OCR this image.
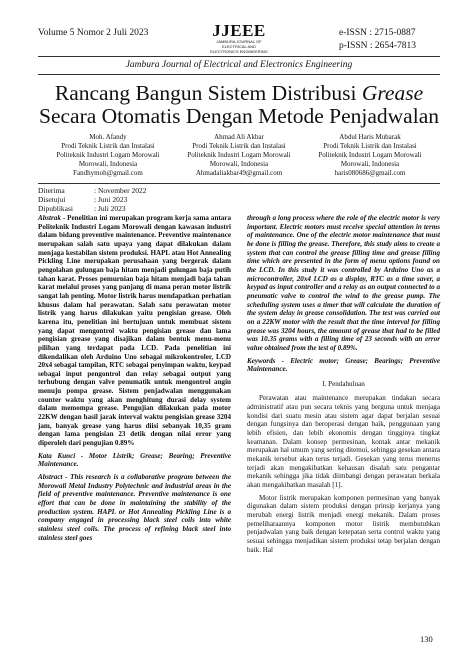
Volume 5 Nomor 2 Juli 2023	JJEEE
JAMBURA JOURNAL OF ELECTRICAL AND ELECTRONICS ENGINEERING
e-ISSN : 2715-0887
p-ISSN : 2654-7813
Jambura Journal of Electrical and Electronics Engineering
Rancang Bangun Sistem Distribusi Grease Secara Otomatis Dengan Metode Penjadwalan
Moh. Afandy
Prodi Teknik Listrik dan Instalasi
Politeknik Industri Logam Morowali
Morowali, Indonesia
Fandhymoh@gmail.com
Ahmad Ali Akbar
Prodi Teknik Listrik dan Instalasi
Politeknik Industri Logam Morowali
Morowali, Indonesia
Ahmadaliakbar49@gmail.com
Abdul Haris Mubarak
Prodi Teknik Listrik dan Instalasi
Politeknik Industri Logam Morowali
Morowali, Indonesia
haris080686@gmail.com
Diterima	: November 2022
Disetujui	: Juni 2023
Dipublikasi	: Juli 2023

Abstrak - Penelitian ini merupakan program kerja sama antara Politeknik Industri Logam Morowali dengan kawasan industri dalam bidang preventive maintenance. Preventive maintenance merupakan salah satu upaya yang dapat dilakukan dalam menjaga kestabilan sistem produksi. HAPL atau Hot Annealing Pickling Line merupakan perusahaan yang bergerak dalam pengolahan gulungan baja hitam menjadi gulungan baja putih tahan karat. Proses pemurnian baja hitam menjadi baja tahan karat melalui proses yang panjang di mana peran motor listrik sangat lah penting. Motor listrik harus mendapatkan perhatian khusus dalam hal perawatan. Salah satu perawatan motor listrik yang harus dilakukan yaitu pengisian grease. Oleh karena itu, penelitian ini bertujuan untuk membuat sistem yang dapat mengontrol waktu pengisian grease dan lama pengisian grease yang disajikan dalam bentuk menu-menu pilihan yang terdapat pada LCD. Pada penelitian ini dikendalikan oleh Arduino Uno sebagai mikrokontroler, LCD 20x4 sebagai tampilan, RTC sebagai penyimpan waktu, keypad sebagai input pengontrol dan relay sebagai output yang terhubung dengan valve penumatik untuk mengontrol angin menuju pompa grease. Sistem penjadwalan menggunakan counter waktu yang akan menghitung durasi delay system dalam memompa grease. Pengujian dilakukan pada motor 22KW dengan hasil jarak interval waktu pengisian grease 3204 jam, banyak grease yang harus diisi sebanyak 10,35 gram dengan lama pengisian 23 detik dengan nilai error yang diperoleh dari pengujian 0.89%

Kata Kunci - Motor Listrik; Grease; Bearing; Preventive Maintenance.

Abstract - This research is a collaborative program between the Morowali Metal Industry Polytechnic and industrial areas in the field of preventive maintenance. Preventive maintenance is one effort that can be done in maintaining the stability of the production system. HAPL or Hot Annealing Pickling Line is a company engaged in processing black steel coils into white stainless steel coils. The process of refining black steel into stainless steel goes

through a long process where the role of the electric motor is very important. Electric motors must receive special attention in terms of maintenance. One of the electric motor maintenance that must be done is filling the grease. Therefore, this study aims to create a system that can control the grease filling time and grease filling time which are presented in the form of menu options found on the LCD. In this study it was controlled by Arduino Uno as a microcontroller, 20x4 LCD as a display, RTC as a time saver, a keypad as input controller and a relay as an output connected to a pneumatic valve to control the wind to the grease pump. The scheduling system uses a timer that will calculate the duration of the system delay in grease consolidation. The test was carried out on a 22KW motor with the result that the time interval for filling grease was 3204 hours, the amount of grease that had to be filled was 10.35 grams with a filling time of 23 seconds with an error value obtained from the test of 0.89%.

Keywords - Electric motor; Grease; Bearings; Preventive Maintenance.

I. Pendahuluan

Perawatan atau maintenance merupakan tindakan secara administratif atau pun secara teknis yang berguna untuk menjaga kondisi dari suatu mesin atau sistem agar dapat berjalan sesuai dengan fungsinya dan beroperasi dengan baik, penggunaan yang lebih efisien, dan lebih ekonomis dengan tingginya tingkat keamanan. Dalam konsep permesinan, kontak antar mekanik merupakan hal umum yang sering ditemui, sehingga gesekan antara mekanik tersebut akan terus terjadi. Gesekan yang terus menerus terjadi akan mengakibatkan kehausan disalah satu pengantar mekanik sehingga jika tidak diimbangi dengan perawatan berkala akan mengakibatkan masalah [1].

Motor listrik merupakan komponen permesinan yang banyak digunakan dalam sistem produksi dengan prinsip kerjanya yang merubah energi listrik menjadi energi mekanik. Dalam proses pemeliharaannya komponen motor listrik membutuhkan penjadwalan yang baik dengan ketepatan serta control waktu yang sesuai sehingga menjadikan sistem produksi tetap berjalan dengan baik. Hal

130
